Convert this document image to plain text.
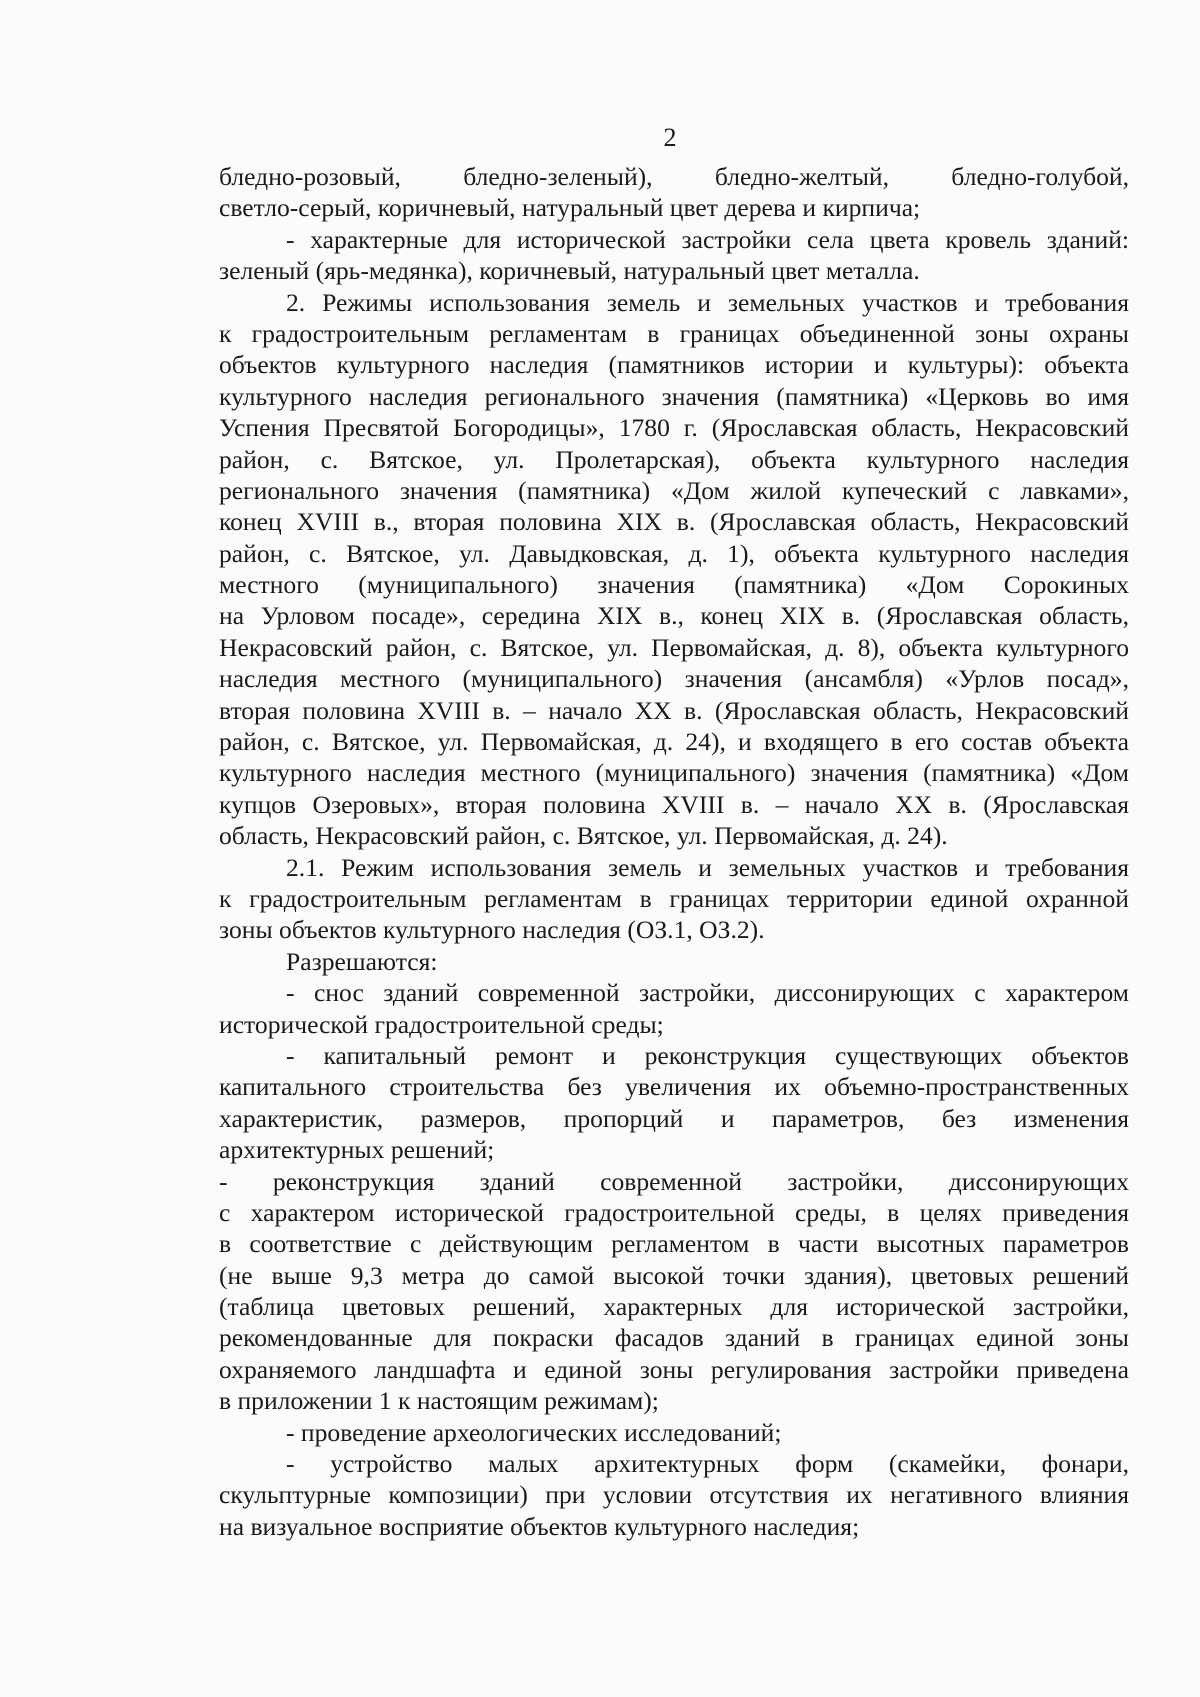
2
бледно-розовый, бледно-зеленый), бледно-желтый, бледно-голубой,
светло-серый, коричневый, натуральный цвет дерева и кирпича;
- характерные для исторической застройки села цвета кровель зданий:
зеленый (ярь-медянка), коричневый, натуральный цвет металла.
2. Режимы использования земель и земельных участков и требования
к градостроительным регламентам в границах объединенной зоны охраны
объектов культурного наследия (памятников истории и культуры): объекта
культурного наследия регионального значения (памятника) «Церковь во имя
Успения Пресвятой Богородицы», 1780 г. (Ярославская область, Некрасовский
район, с. Вятское, ул. Пролетарская), объекта культурного наследия
регионального значения (памятника) «Дом жилой купеческий с лавками»,
конец XVIII в., вторая половина XIX в. (Ярославская область, Некрасовский
район, с. Вятское, ул. Давыдковская, д. 1), объекта культурного наследия
местного (муниципального) значения (памятника) «Дом Сорокиных
на Урловом посаде», середина XIX в., конец XIX в. (Ярославская область,
Некрасовский район, с. Вятское, ул. Первомайская, д. 8), объекта культурного
наследия местного (муниципального) значения (ансамбля) «Урлов посад»,
вторая половина XVIII в. – начало XX в. (Ярославская область, Некрасовский
район, с. Вятское, ул. Первомайская, д. 24), и входящего в его состав объекта
культурного наследия местного (муниципального) значения (памятника) «Дом
купцов Озеровых», вторая половина XVIII в. – начало XX в. (Ярославская
область, Некрасовский район, с. Вятское, ул. Первомайская, д. 24).
2.1. Режим использования земель и земельных участков и требования
к градостроительным регламентам в границах территории единой охранной
зоны объектов культурного наследия (ОЗ.1, ОЗ.2).
Разрешаются:
- снос зданий современной застройки, диссонирующих с характером
исторической градостроительной среды;
- капитальный ремонт и реконструкция существующих объектов
капитального строительства без увеличения их объемно-пространственных
характеристик, размеров, пропорций и параметров, без изменения
архитектурных решений;
- реконструкция зданий современной застройки, диссонирующих
с характером исторической градостроительной среды, в целях приведения
в соответствие с действующим регламентом в части высотных параметров
(не выше 9,3 метра до самой высокой точки здания), цветовых решений
(таблица цветовых решений, характерных для исторической застройки,
рекомендованные для покраски фасадов зданий в границах единой зоны
охраняемого ландшафта и единой зоны регулирования застройки приведена
в приложении 1 к настоящим режимам);
- проведение археологических исследований;
- устройство малых архитектурных форм (скамейки, фонари,
скульптурные композиции) при условии отсутствия их негативного влияния
на визуальное восприятие объектов культурного наследия;
